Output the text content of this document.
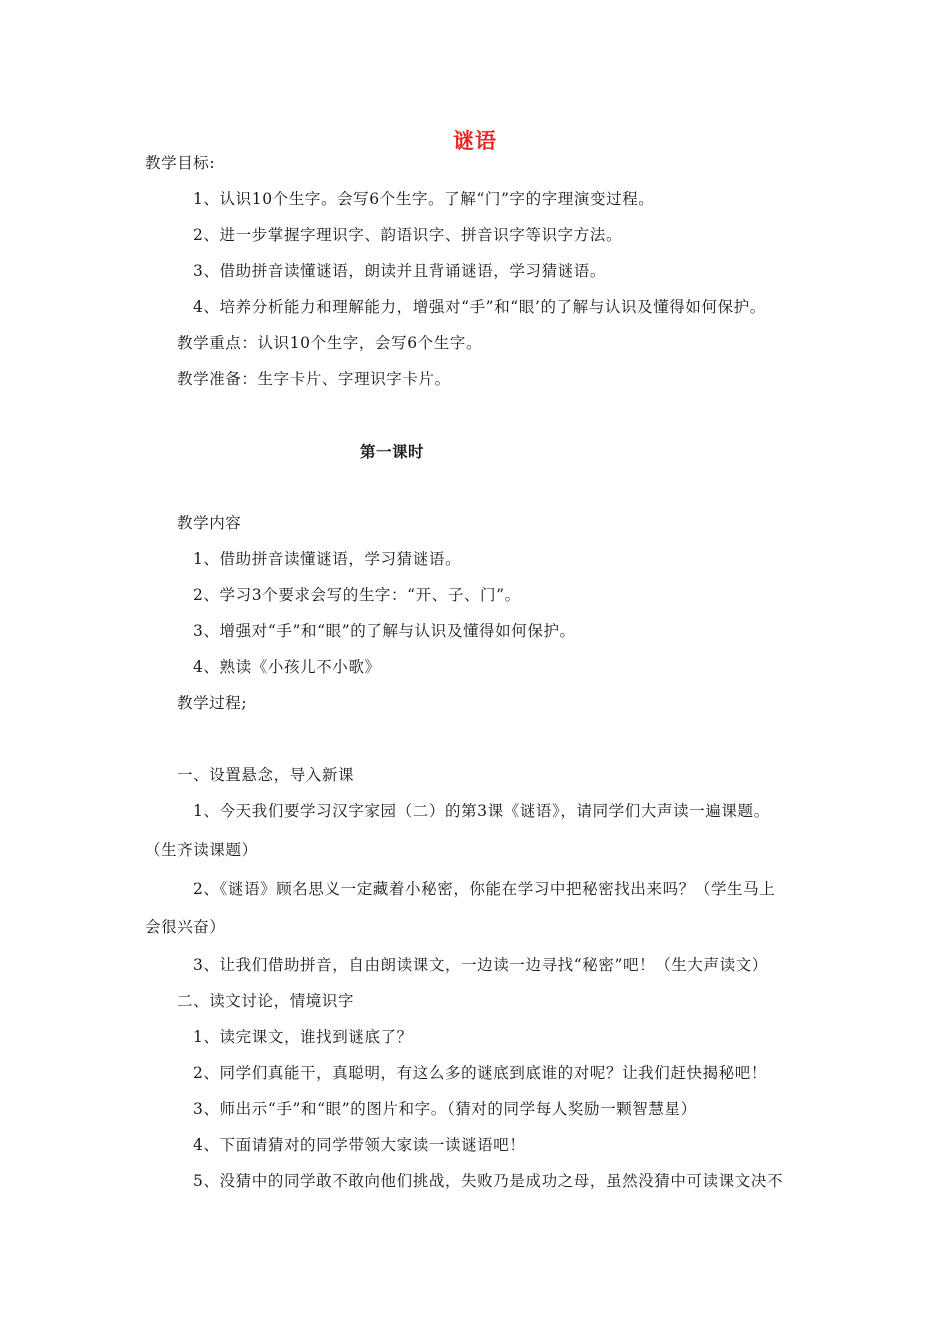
谜语
教学目标:
1、认识10个生字。会写6个生字。了解“门”字的字理演变过程。
2、进一步掌握字理识字、韵语识字、拼音识字等识字方法。
3、借助拼音读懂谜语，朗读并且背诵谜语，学习猜谜语。
4、培养分析能力和理解能力，增强对“手”和“眼’的了解与认识及懂得如何保护。
教学重点：认识10个生字，会写6个生字。
教学准备：生字卡片、字理识字卡片。
第一课时
教学内容
1、借助拼音读懂谜语，学习猜谜语。
2、学习3个要求会写的生字：“开、子、门”。
3、增强对“手”和“眼”的了解与认识及懂得如何保护。
4、熟读《小孩儿不小歌》
教学过程;
一、设置悬念，导入新课
1、今天我们要学习汉字家园（二）的第3课《谜语》，请同学们大声读一遍课题。
（生齐读课题）
2、《谜语》顾名思义一定藏着小秘密，你能在学习中把秘密找出来吗？（学生马上
会很兴奋）
3、让我们借助拼音，自由朗读课文，一边读一边寻找“秘密”吧！（生大声读文）
二、读文讨论，情境识字
1、读完课文，谁找到谜底了？
2、同学们真能干，真聪明，有这么多的谜底到底谁的对呢？让我们赶快揭秘吧！
3、师出示“手”和“眼”的图片和字。（猜对的同学每人奖励一颗智慧星）
4、下面请猜对的同学带领大家读一读谜语吧！
5、没猜中的同学敢不敢向他们挑战，失败乃是成功之母，虽然没猜中可读课文决不
